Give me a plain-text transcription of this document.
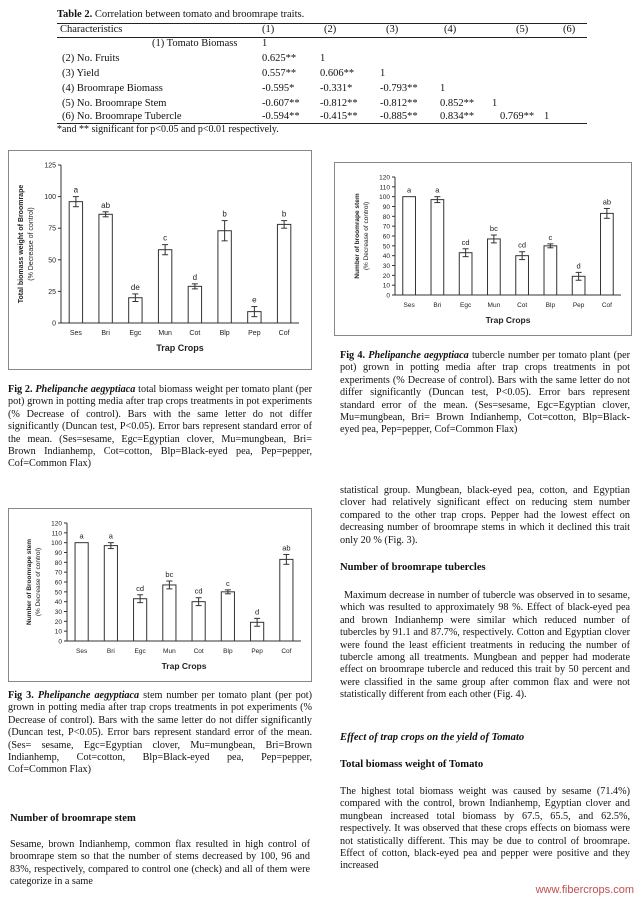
Table 2. Correlation between tomato and broomrape traits.
Characteristics	(1)	(2)	(3)	(4)	(5)	(6)
(1) Tomato Biomass 1
(2) No. Fruits	0.625** 1
(3) Yield	0.557** 0.606** 1
(4) Broomrape Biomass	-0.595* -0.331*	-0.793** 1
(5) No. Broomrape Stem	-0.607** -0.812** -0.812** 0.852** 1
(6) No. Broomrape Tubercle	-0.594** -0.415** -0.885** 0.834** 0.769** 1
*and ** significant for p<0.05 and p<0.01 respectively.
0
25
50
75
100
125
a
Ses
ab
Bri
de
Egc
c
Mun
d
Cot
b
Blp
e
Pep
b
Cof
Trap Crops
Total biomass weight of Broomrape (% Decrease of control)
Fig 2. Phelipanche aegyptiaca total biomass weight per tomato plant (per pot) grown in potting media after trap crops treatments in pot experiments (% Decrease of control). Bars with the same letter do not differ significantly (Duncan test, P<0.05). Error bars represent standard error of the mean. (Ses=sesame, Egc=Egyptian clover, Mu=mungbean, Bri= Brown Indianhemp, Cot=cotton, Blp=Black-eyed pea, Pep=pepper, Cof=Common Flax)
0
10
20
30
40
50
60
70
80
90
100
110
120
a
Ses
a
Bri
cd
Egc
bc
Mun
cd
Cot
c
Blp
d
Pep
ab
Cof
Trap Crops
Number of broomrape stem (% Decrease of control)
Fig 4. Phelipanche aegyptiaca tubercle number per tomato plant (per pot) grown in potting media after trap crops treatments in pot experiments (% Decrease of control). Bars with the same letter do not differ significantly (Duncan test, P<0.05). Error bars represent standard error of the mean. (Ses=sesame, Egc=Egyptian clover, Mu=mungbean, Bri= Brown Indianhemp, Cot=cotton, Blp=Black-eyed pea, Pep=pepper, Cof=Common Flax)
0
10
20
30
40
50
60
70
80
90
100
110
120
a
Ses
a
Bri
cd
Egc
bc
Mun
cd
Cot
c
Blp
d
Pep
ab
Cof
Trap Crops
Number of Broomrape stem (% Decrease of control)
Fig 3. Phelipanche aegyptiaca stem number per tomato plant (per pot) grown in potting media after trap crops treatments in pot experiments (% Decrease of control). Bars with the same letter do not differ significantly (Duncan test, P<0.05). Error bars represent standard error of the mean. (Ses= sesame, Egc=Egyptian clover, Mu=mungbean, Bri=Brown Indianhemp, Cot=cotton, Blp=Black-eyed pea, Pep=pepper, Cof=Common Flax)
Number of broomrape stem
Sesame, brown Indianhemp, common flax resulted in high control of broomrape stem so that the number of stems decreased by 100, 96 and 83%, respectively, compared to control one (check) and all of them were categorize in a same
statistical group. Mungbean, black-eyed pea, cotton, and Egyptian clover had relatively significant effect on reducing stem number compared to the other trap crops. Pepper had the lowest effect on decreasing number of broomrape stems in which it declined this trait only 20 % (Fig. 3).
Number of broomrape tubercles
Maximum decrease in number of tubercle was observed in to sesame, which was resulted to approximately 98 %. Effect of black-eyed pea and brown Indianhemp were similar which reduced number of tubercles by 91.1 and 87.7%, respectively. Cotton and Egyptian clover were found the least efficient treatments in reducing the number of tubercle among all treatments. Mungbean and pepper had moderate effect on broomrape tubercle and reduced this trait by 50 percent and were classified in the same group after common flax and were not statistically different from each other (Fig. 4).
Effect of trap crops on the yield of Tomato
Total biomass weight of Tomato
The highest total biomass weight was caused by sesame (71.4%) compared with the control, brown Indianhemp, Egyptian clover and mungbean increased total biomass by 67.5, 65.5, and 62.5%, respectively. It was observed that these crops effects on biomass were not statistically different. This may be due to control of broomrape. Effect of cotton, black-eyed pea and pepper were positive and they increased
www.fibercrops.com
